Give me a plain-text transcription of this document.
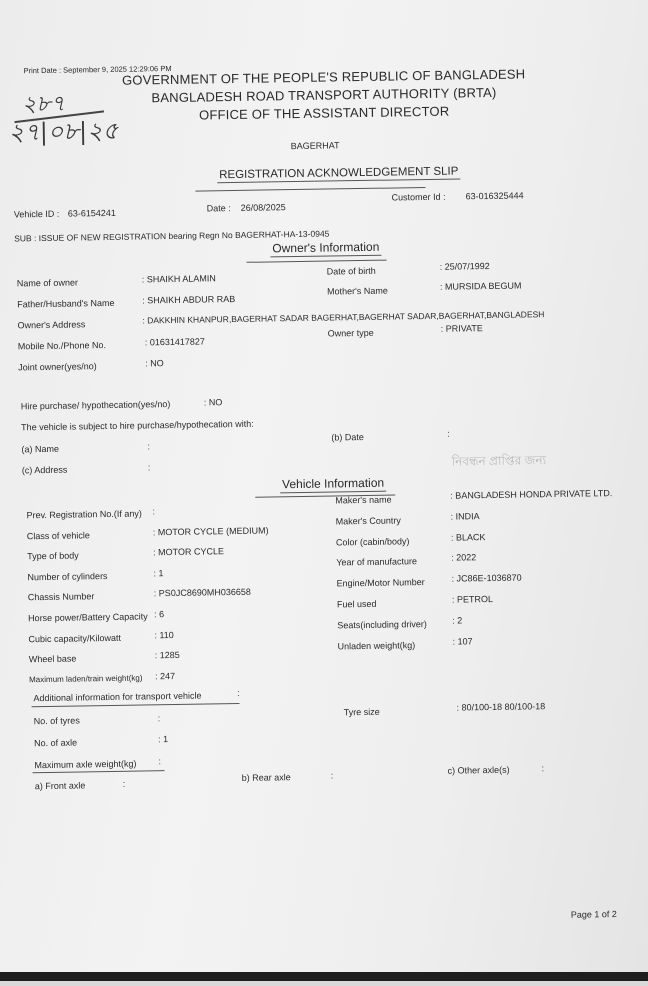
Print Date : September 9, 2025 12:29:06 PM
২৮৭
২৭|০৮|২৫
GOVERNMENT OF THE PEOPLE'S REPUBLIC OF BANGLADESH
BANGLADESH ROAD TRANSPORT AUTHORITY (BRTA)
OFFICE OF THE ASSISTANT DIRECTOR
BAGERHAT
REGISTRATION ACKNOWLEDGEMENT SLIP
Vehicle ID : 63-6154241	Date : 26/08/2025
Customer Id : 63-016325444
SUB : ISSUE OF NEW REGISTRATION bearing Regn No BAGERHAT-HA-13-0945
Owner's Information
Name of owner	: SHAIKH ALAMIN
Date of birth	: 25/07/1992
Father/Husband's Name	: SHAIKH ABDUR RAB
Mother's Name	: MURSIDA BEGUM
Owner's Address	: DAKKHIN KHANPUR,BAGERHAT SADAR BAGERHAT,BAGERHAT SADAR,BAGERHAT,BANGLADESH
Mobile No./Phone No.	: 01631417827
Owner type	: PRIVATE
Joint owner(yes/no)	: NO
Hire purchase/ hypothecation(yes/no)	: NO
The vehicle is subject to hire purchase/hypothecation with:
(a) Name	:
(b) Date	:
(c) Address	:	নিবন্ধন প্রাপ্তির জন্য
Vehicle Information
Prev. Registration No.(If any) :
Class of vehicle	: MOTOR CYCLE (MEDIUM)
Type of body	: MOTOR CYCLE
Number of cylinders	: 1
Chassis Number	: PS0JC8690MH036658
Horse power/Battery Capacity : 6
Cubic capacity/Kilowatt	: 110
Wheel base	: 1285
Maximum laden/train weight(kg) : 247
Maker's name	: BANGLADESH HONDA PRIVATE LTD.
Maker's Country	: INDIA
Color (cabin/body)	: BLACK
Year of manufacture	: 2022
Engine/Motor Number	: JC86E-1036870
Fuel used	: PETROL
Seats(including driver)	: 2
Unladen weight(kg)	: 107
Additional information for transport vehicle	:
No. of tyres	:
Tyre size	: 80/100-18 80/100-18
No. of axle	: 1
Maximum axle weight(kg) :
a) Front axle	:
b) Rear axle	:	c) Other axle(s)	:
Page 1 of 2
